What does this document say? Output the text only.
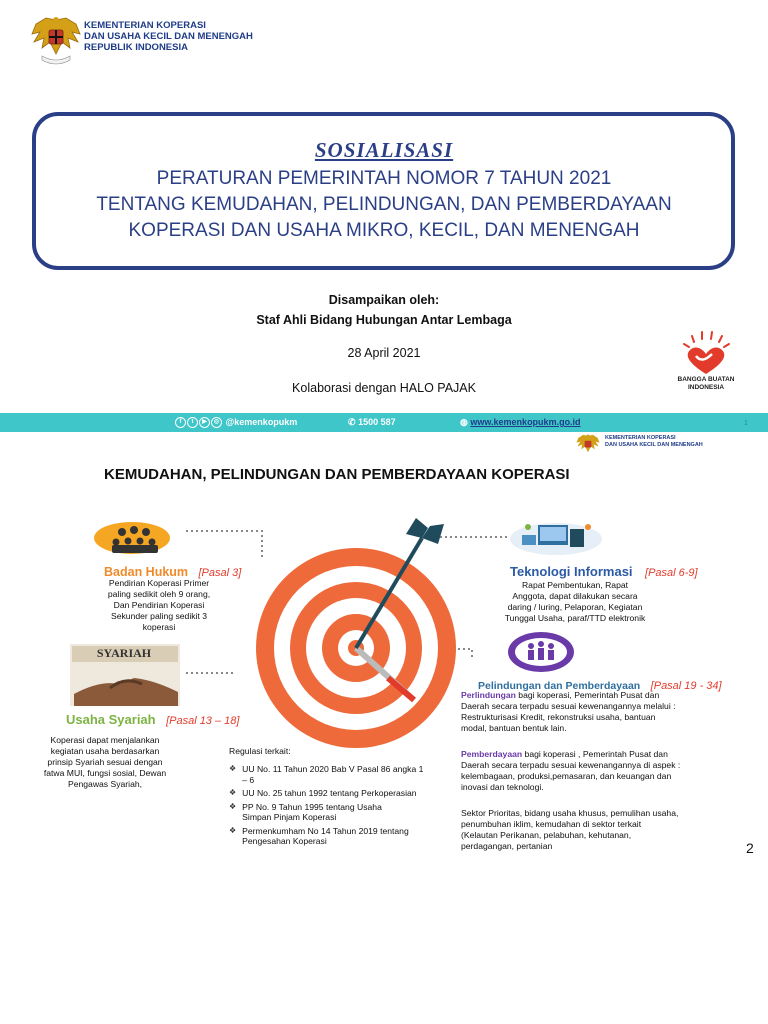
KEMENTERIAN KOPERASI
DAN USAHA KECIL DAN MENENGAH
REPUBLIK INDONESIA
SOSIALISASI
PERATURAN PEMERINTAH NOMOR 7 TAHUN 2021
TENTANG KEMUDAHAN, PELINDUNGAN, DAN PEMBERDAYAAN
KOPERASI DAN USAHA MIKRO, KECIL, DAN MENENGAH
Disampaikan oleh:
Staf Ahli Bidang Hubungan Antar Lembaga
28 April 2021
Kolaborasi dengan HALO PAJAK
BANGGA BUATAN INDONESIA
f t ▶ ◎ @kemenkopukm	✆ 1500 587	◍ www.kemenkopukm.go.id	1
KEMENTERIAN KOPERASI
DAN USAHA KECIL DAN MENENGAH
KEMUDAHAN, PELINDUNGAN DAN PEMBERDAYAAN KOPERASI
Badan Hukum [Pasal 3]
Pendirian Koperasi Primer
paling sedikit oleh 9 orang,
Dan Pendirian Koperasi
Sekunder paling sedikit 3
koperasi
SYARIAH
Usaha Syariah [Pasal 13 – 18]
Koperasi dapat menjalankan
kegiatan usaha berdasarkan
prinsip Syariah sesuai dengan
fatwa MUI, fungsi sosial, Dewan
Pengawas Syariah,
Teknologi Informasi [Pasal 6-9]
Rapat Pembentukan, Rapat
Anggota, dapat dilakukan secara
daring / luring, Pelaporan, Kegiatan
Tunggal Usaha, paraf/TTD elektronik
Pelindungan dan Pemberdayaan [Pasal 19 - 34]
Perlindungan bagi koperasi, Pemerintah Pusat dan
Daerah secara terpadu sesuai kewenangannya melalui :
Restrukturisasi Kredit, rekonstruksi usaha, bantuan
modal, bantuan bentuk lain.
Pemberdayaan bagi koperasi , Pemerintah Pusat dan
Daerah secara terpadu sesuai kewenangannya di aspek :
kelembagaan, produksi,pemasaran, dan keuangan dan
inovasi dan teknologi.
Sektor Prioritas, bidang usaha khusus, pemulihan usaha,
penumbuhan iklim, kemudahan di sektor terkait
(Kelautan Perikanan, pelabuhan, kehutanan,
perdagangan, pertanian
Regulasi terkait:
❖ UU No. 11 Tahun 2020 Bab V Pasal 86 angka 1
– 6
❖ UU No. 25 tahun 1992 tentang Perkoperasian
❖ PP No. 9 Tahun 1995 tentang Usaha
Simpan Pinjam Koperasi
❖ Permenkumham No 14 Tahun 2019 tentang
Pengesahan Koperasi	2
